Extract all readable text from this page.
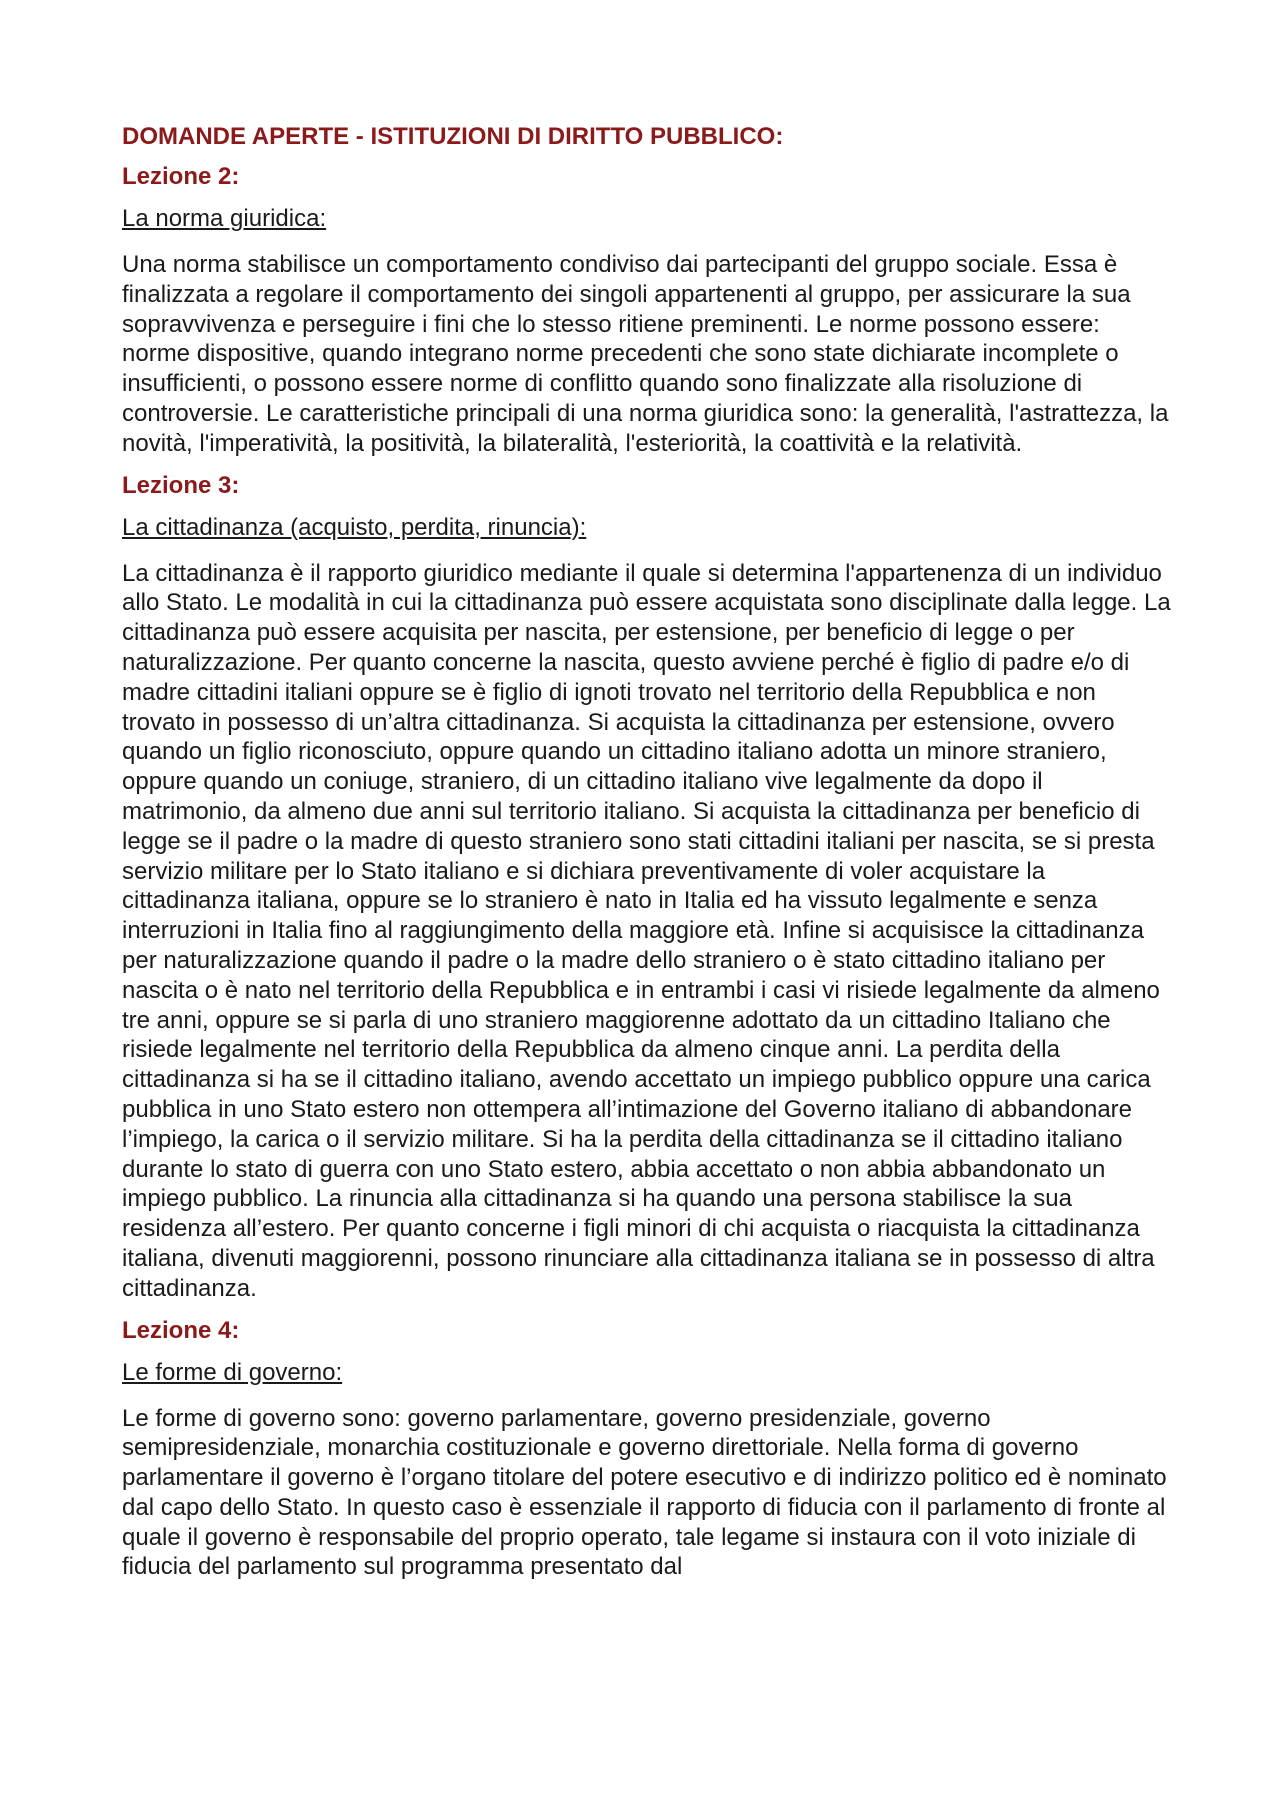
DOMANDE APERTE - ISTITUZIONI DI DIRITTO PUBBLICO:
Lezione 2:
La norma giuridica:
Una norma stabilisce un comportamento condiviso dai partecipanti del gruppo sociale. Essa è finalizzata a regolare il comportamento dei singoli appartenenti al gruppo, per assicurare la sua sopravvivenza e perseguire i fini che lo stesso ritiene preminenti. Le norme possono essere: norme dispositive, quando integrano norme precedenti che sono state dichiarate incomplete o insufficienti, o possono essere norme di conflitto quando sono finalizzate alla risoluzione di controversie. Le caratteristiche principali di una norma giuridica sono: la generalità, l'astrattezza, la novità, l'imperatività, la positività, la bilateralità, l'esteriorità, la coattività e la relatività.
Lezione 3:
La cittadinanza (acquisto, perdita, rinuncia):
La cittadinanza è il rapporto giuridico mediante il quale si determina l'appartenenza di un individuo allo Stato. Le modalità in cui la cittadinanza può essere acquistata sono disciplinate dalla legge. La cittadinanza può essere acquisita per nascita, per estensione, per beneficio di legge o per naturalizzazione. Per quanto concerne la nascita, questo avviene perché è figlio di padre e/o di madre cittadini italiani oppure se è figlio di ignoti trovato nel territorio della Repubblica e non trovato in possesso di un’altra cittadinanza. Si acquista la cittadinanza per estensione, ovvero quando un figlio riconosciuto, oppure quando un cittadino italiano adotta un minore straniero, oppure quando un coniuge, straniero, di un cittadino italiano vive legalmente da dopo il matrimonio, da almeno due anni sul territorio italiano. Si acquista la cittadinanza per beneficio di legge se il padre o la madre di questo straniero sono stati cittadini italiani per nascita, se si presta servizio militare per lo Stato italiano e si dichiara preventivamente di voler acquistare la cittadinanza italiana, oppure se lo straniero è nato in Italia ed ha vissuto legalmente e senza interruzioni in Italia fino al raggiungimento della maggiore età. Infine si acquisisce la cittadinanza per naturalizzazione quando il padre o la madre dello straniero o è stato cittadino italiano per nascita o è nato nel territorio della Repubblica e in entrambi i casi vi risiede legalmente da almeno tre anni, oppure se si parla di uno straniero maggiorenne adottato da un cittadino Italiano che risiede legalmente nel territorio della Repubblica da almeno cinque anni. La perdita della cittadinanza si ha se il cittadino italiano, avendo accettato un impiego pubblico oppure una carica pubblica in uno Stato estero non ottempera all’intimazione del Governo italiano di abbandonare l’impiego, la carica o il servizio militare. Si ha la perdita della cittadinanza se il cittadino italiano durante lo stato di guerra con uno Stato estero, abbia accettato o non abbia abbandonato un impiego pubblico. La rinuncia alla cittadinanza si ha quando una persona stabilisce la sua residenza all’estero. Per quanto concerne i figli minori di chi acquista o riacquista la cittadinanza italiana, divenuti maggiorenni, possono rinunciare alla cittadinanza italiana se in possesso di altra cittadinanza.
Lezione 4:
Le forme di governo:
Le forme di governo sono: governo parlamentare, governo presidenziale, governo semipresidenziale, monarchia costituzionale e governo direttoriale. Nella forma di governo parlamentare il governo è l’organo titolare del potere esecutivo e di indirizzo politico ed è nominato dal capo dello Stato. In questo caso è essenziale il rapporto di fiducia con il parlamento di fronte al quale il governo è responsabile del proprio operato, tale legame si instaura con il voto iniziale di fiducia del parlamento sul programma presentato dal
